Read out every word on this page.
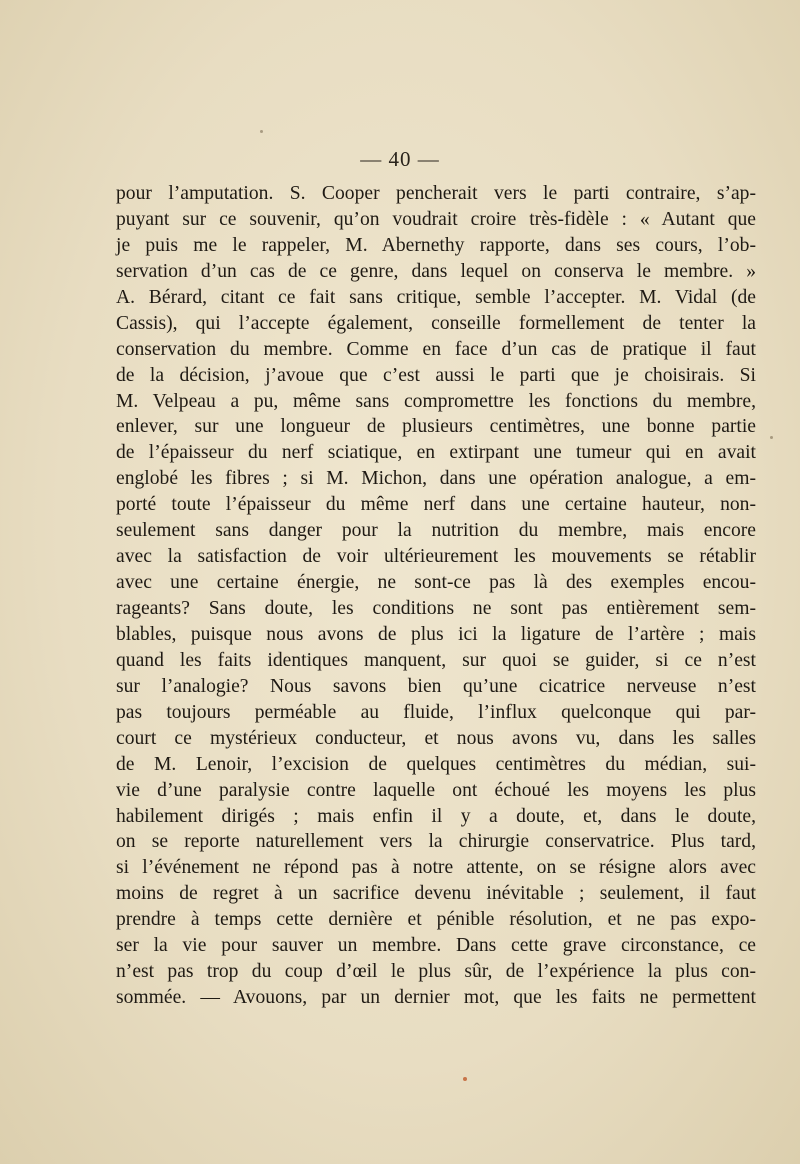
— 40 —
pour l’amputation. S. Cooper pencherait vers le parti contraire, s’ap-
puyant sur ce souvenir, qu’on voudrait croire très-fidèle : « Autant que
je puis me le rappeler, M. Abernethy rapporte, dans ses cours, l’ob-
servation d’un cas de ce genre, dans lequel on conserva le membre. »
A. Bérard, citant ce fait sans critique, semble l’accepter. M. Vidal (de
Cassis), qui l’accepte également, conseille formellement de tenter la
conservation du membre. Comme en face d’un cas de pratique il faut
de la décision, j’avoue que c’est aussi le parti que je choisirais. Si
M. Velpeau a pu, même sans compromettre les fonctions du membre,
enlever, sur une longueur de plusieurs centimètres, une bonne partie
de l’épaisseur du nerf sciatique, en extirpant une tumeur qui en avait
englobé les fibres ; si M. Michon, dans une opération analogue, a em-
porté toute l’épaisseur du même nerf dans une certaine hauteur, non-
seulement sans danger pour la nutrition du membre, mais encore
avec la satisfaction de voir ultérieurement les mouvements se rétablir
avec une certaine énergie, ne sont-ce pas là des exemples encou-
rageants? Sans doute, les conditions ne sont pas entièrement sem-
blables, puisque nous avons de plus ici la ligature de l’artère ; mais
quand les faits identiques manquent, sur quoi se guider, si ce n’est
sur l’analogie? Nous savons bien qu’une cicatrice nerveuse n’est
pas toujours perméable au fluide, l’influx quelconque qui par-
court ce mystérieux conducteur, et nous avons vu, dans les salles
de M. Lenoir, l’excision de quelques centimètres du médian, sui-
vie d’une paralysie contre laquelle ont échoué les moyens les plus
habilement dirigés ; mais enfin il y a doute, et, dans le doute,
on se reporte naturellement vers la chirurgie conservatrice. Plus tard,
si l’événement ne répond pas à notre attente, on se résigne alors avec
moins de regret à un sacrifice devenu inévitable ; seulement, il faut
prendre à temps cette dernière et pénible résolution, et ne pas expo-
ser la vie pour sauver un membre. Dans cette grave circonstance, ce
n’est pas trop du coup d’œil le plus sûr, de l’expérience la plus con-
sommée. — Avouons, par un dernier mot, que les faits ne permettent
